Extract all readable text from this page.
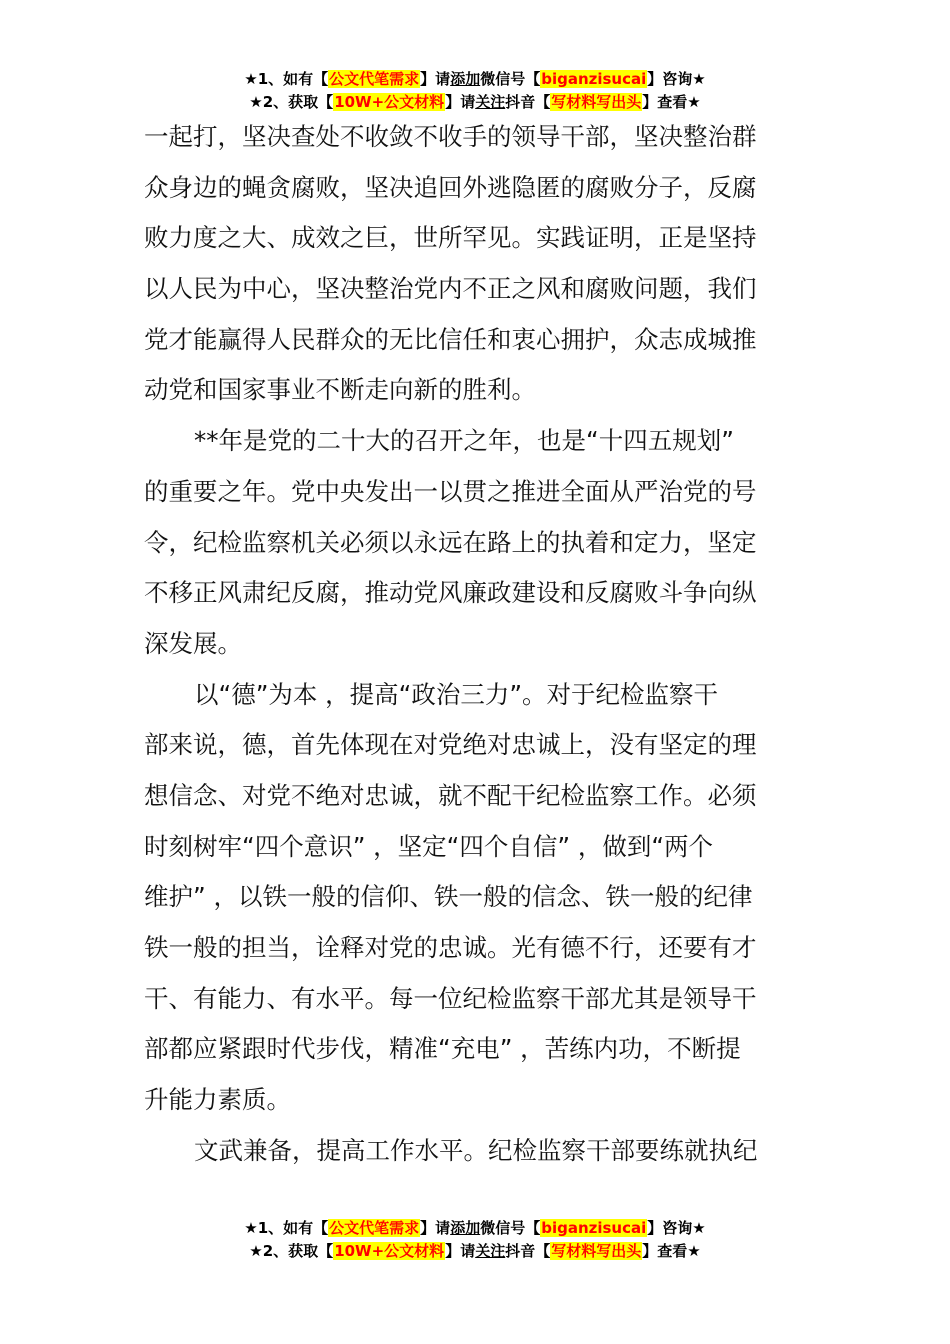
★1、如有【公文代笔需求】请添加微信号【biganzisucai】咨询★
★2、获取【10W+公文材料】请关注抖音【写材料写出头】查看★
一起打，坚决查处不收敛不收手的领导干部，坚决整治群
众身边的蝇贪腐败，坚决追回外逃隐匿的腐败分子，反腐
败力度之大、成效之巨，世所罕见。实践证明，正是坚持
以人民为中心，坚决整治党内不正之风和腐败问题，我们
党才能赢得人民群众的无比信任和衷心拥护，众志成城推
动党和国家事业不断走向新的胜利。
**年是党的二十大的召开之年，也是“十四五规划”
的重要之年。党中央发出一以贯之推进全面从严治党的号
令，纪检监察机关必须以永远在路上的执着和定力，坚定
不移正风肃纪反腐，推动党风廉政建设和反腐败斗争向纵
深发展。
以“德”为本 ，提高“政治三力”。对于纪检监察干
部来说，德，首先体现在对党绝对忠诚上，没有坚定的理
想信念、对党不绝对忠诚，就不配干纪检监察工作。必须
时刻树牢“四个意识” ，坚定“四个自信” ，做到“两个
维护” ，以铁一般的信仰、铁一般的信念、铁一般的纪律
铁一般的担当，诠释对党的忠诚。光有德不行，还要有才
干、有能力、有水平。每一位纪检监察干部尤其是领导干
部都应紧跟时代步伐，精准“充电” ，苦练内功，不断提
升能力素质。
文武兼备，提高工作水平。纪检监察干部要练就执纪
★1、如有【公文代笔需求】请添加微信号【biganzisucai】咨询★
★2、获取【10W+公文材料】请关注抖音【写材料写出头】查看★
